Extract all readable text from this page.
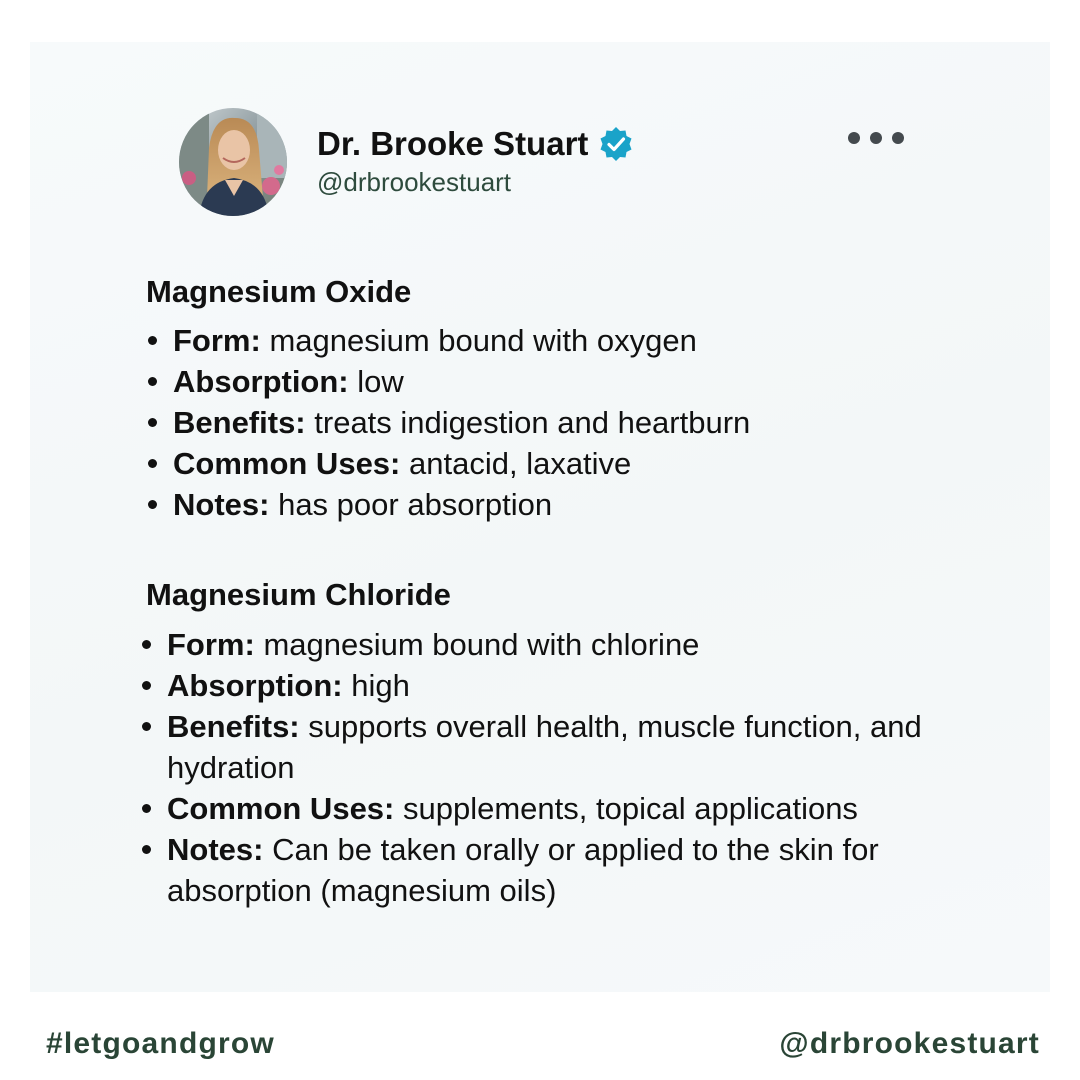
Dr. Brooke Stuart
@drbrookestuart
Magnesium Oxide
Form: magnesium bound with oxygen
Absorption: low
Benefits: treats indigestion and heartburn
Common Uses: antacid, laxative
Notes: has poor absorption
Magnesium Chloride
Form: magnesium bound with chlorine
Absorption: high
Benefits: supports overall health, muscle function, and hydration
Common Uses: supplements, topical applications
Notes: Can be taken orally or applied to the skin for absorption (magnesium oils)
#letgoandgrow	@drbrookestuart
